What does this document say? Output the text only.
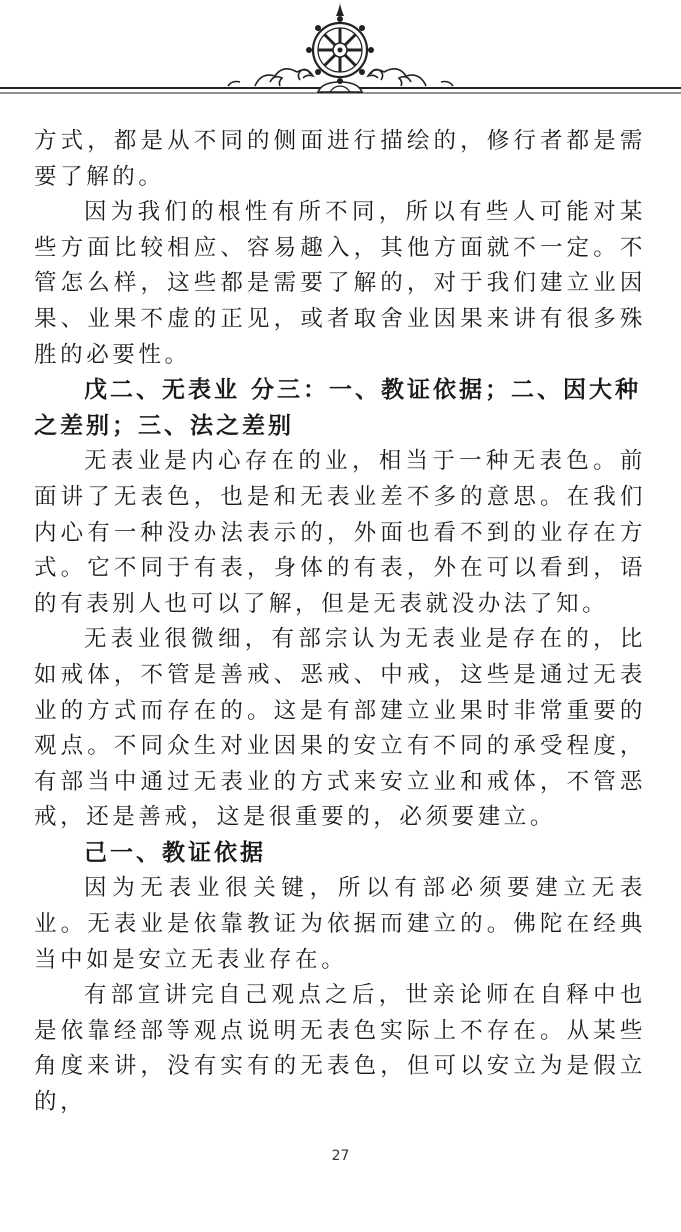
方式，都是从不同的侧面进行描绘的，修行者都是需要了解的。

因为我们的根性有所不同，所以有些人可能对某些方面比较相应、容易趣入，其他方面就不一定。不管怎么样，这些都是需要了解的，对于我们建立业因果、业果不虚的正见，或者取舍业因果来讲有很多殊胜的必要性。

戊二、无表业 分三：一、教证依据；二、因大种之差别；三、法之差别

无表业是内心存在的业，相当于一种无表色。前面讲了无表色，也是和无表业差不多的意思。在我们内心有一种没办法表示的，外面也看不到的业存在方式。它不同于有表，身体的有表，外在可以看到，语的有表别人也可以了解，但是无表就没办法了知。

无表业很微细，有部宗认为无表业是存在的，比如戒体，不管是善戒、恶戒、中戒，这些是通过无表业的方式而存在的。这是有部建立业果时非常重要的观点。不同众生对业因果的安立有不同的承受程度，有部当中通过无表业的方式来安立业和戒体，不管恶戒，还是善戒，这是很重要的，必须要建立。

己一、教证依据

因为无表业很关键，所以有部必须要建立无表业。无表业是依靠教证为依据而建立的。佛陀在经典当中如是安立无表业存在。

有部宣讲完自己观点之后，世亲论师在自释中也是依靠经部等观点说明无表色实际上不存在。从某些角度来讲，没有实有的无表色，但可以安立为是假立的，

27
